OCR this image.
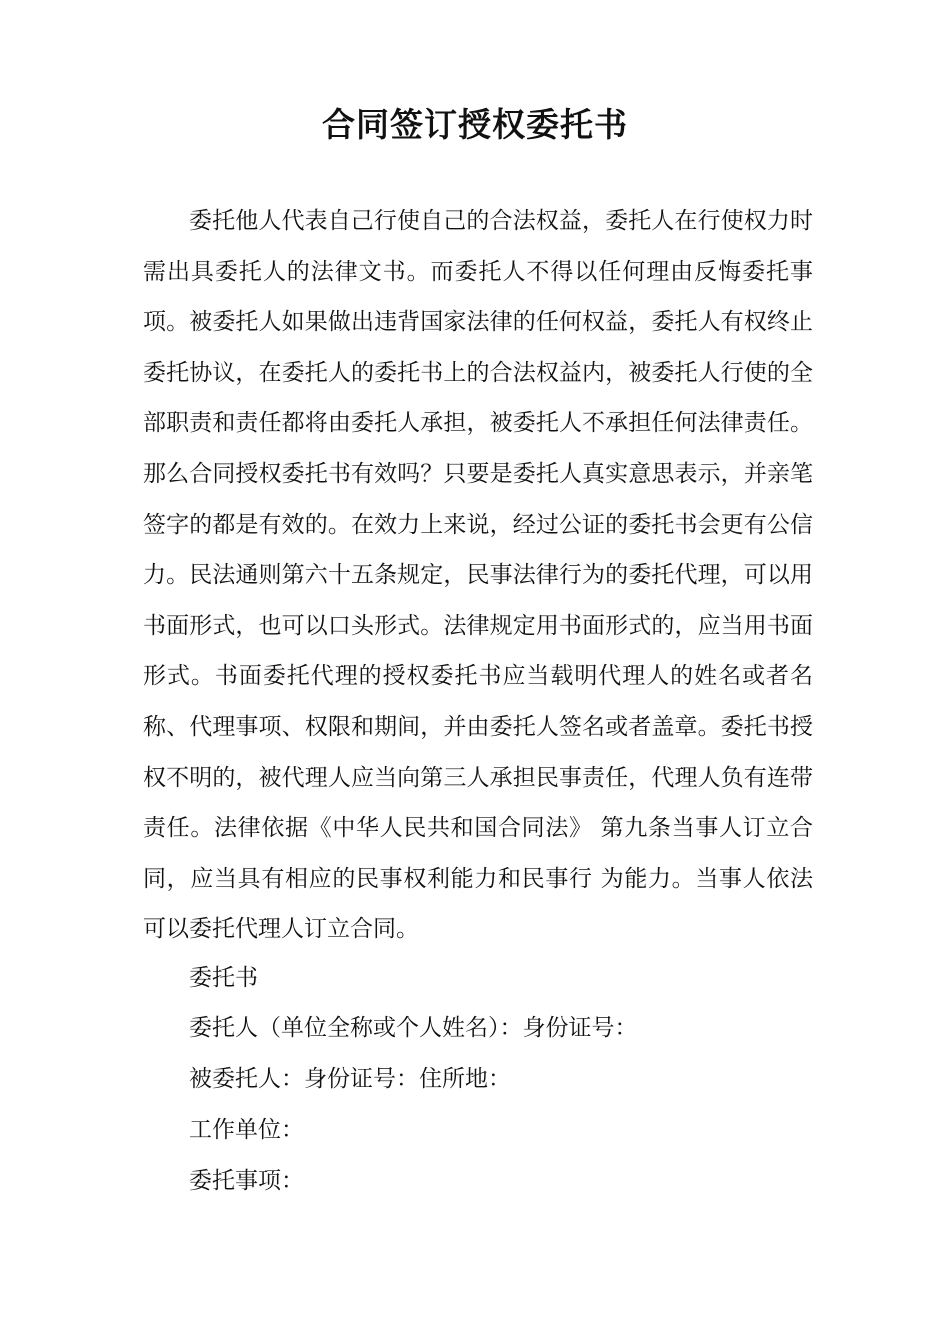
合同签订授权委托书

委托他人代表自己行使自己的合法权益，委托人在行使权力时需出具委托人的法律文书。而委托人不得以任何理由反悔委托事项。被委托人如果做出违背国家法律的任何权益，委托人有权终止委托协议，在委托人的委托书上的合法权益内，被委托人行使的全部职责和责任都将由委托人承担，被委托人不承担任何法律责任。那么合同授权委托书有效吗？只要是委托人真实意思表示，并亲笔签字的都是有效的。在效力上来说，经过公证的委托书会更有公信力。民法通则第六十五条规定，民事法律行为的委托代理，可以用书面形式，也可以口头形式。法律规定用书面形式的，应当用书面形式。书面委托代理的授权委托书应当载明代理人的姓名或者名称、代理事项、权限和期间，并由委托人签名或者盖章。委托书授权不明的，被代理人应当向第三人承担民事责任，代理人负有连带责任。法律依据《中华人民共和国合同法》 第九条当事人订立合同，应当具有相应的民事权利能力和民事行 为能力。当事人依法可以委托代理人订立合同。

委托书

委托人（单位全称或个人姓名）：身份证号：

被委托人：身份证号：住所地：

工作单位：

委托事项：
